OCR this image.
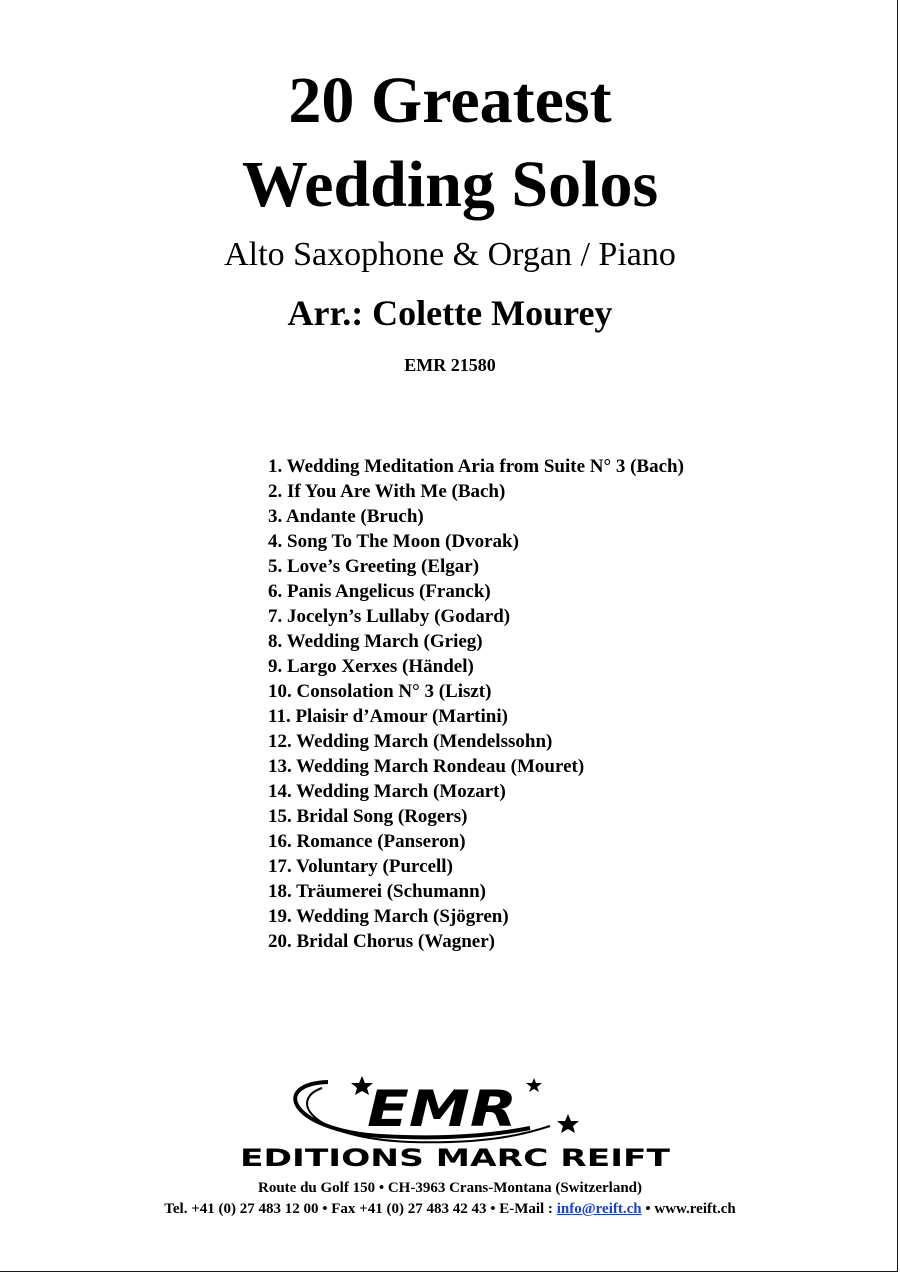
20 Greatest
Wedding Solos
Alto Saxophone & Organ / Piano
Arr.: Colette Mourey
EMR 21580
1. Wedding Meditation Aria from Suite N° 3 (Bach)
2. If You Are With Me (Bach)
3. Andante (Bruch)
4. Song To The Moon (Dvorak)
5. Love’s Greeting (Elgar)
6. Panis Angelicus (Franck)
7. Jocelyn’s Lullaby (Godard)
8. Wedding March (Grieg)
9. Largo Xerxes (Händel)
10. Consolation N° 3 (Liszt)
11. Plaisir d’Amour (Martini)
12. Wedding March (Mendelssohn)
13. Wedding March Rondeau (Mouret)
14. Wedding March (Mozart)
15. Bridal Song (Rogers)
16. Romance (Panseron)
17. Voluntary (Purcell)
18. Träumerei (Schumann)
19. Wedding March (Sjögren)
20. Bridal Chorus (Wagner)
EMR
EDITIONS MARC REIFT
Route du Golf 150 • CH-3963 Crans-Montana (Switzerland)
Tel. +41 (0) 27 483 12 00 • Fax +41 (0) 27 483 42 43 • E-Mail : info@reift.ch • www.reift.ch
